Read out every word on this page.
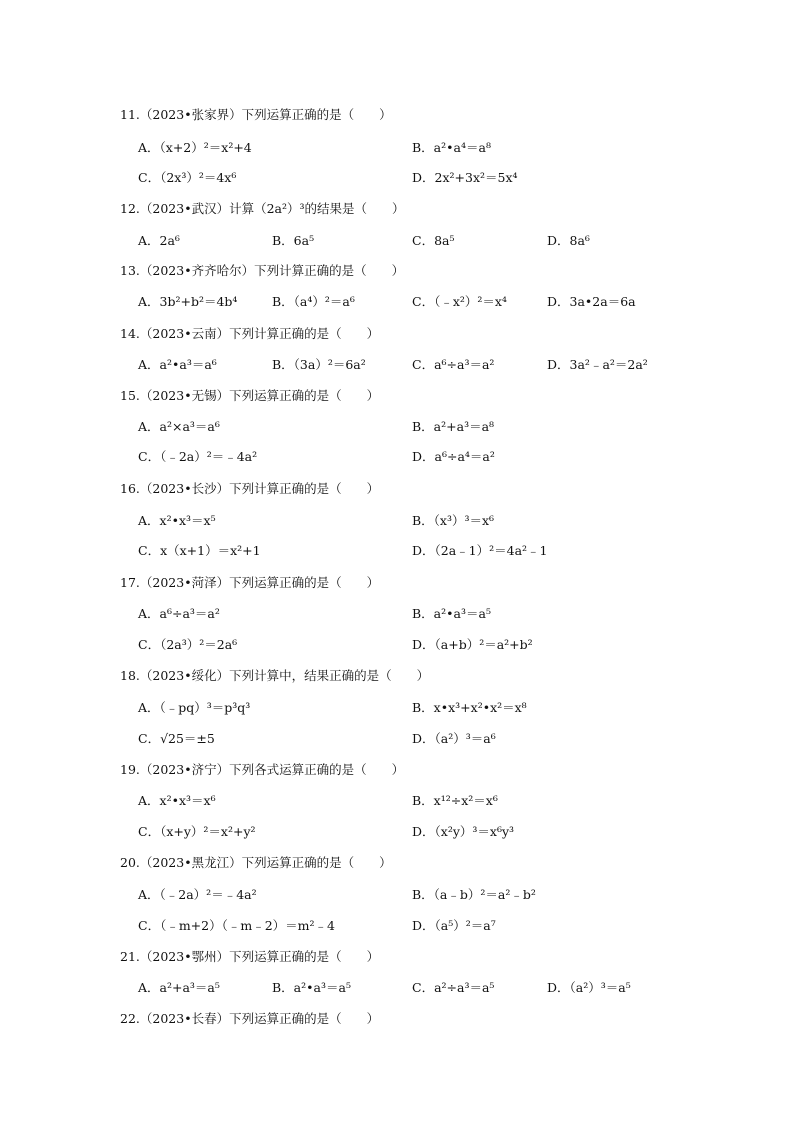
11.（2023•张家界）下列运算正确的是（　　）
A．（x+2）²＝x²+4	B．a²•a⁴＝a⁸
C．（2x³）²＝4x⁶	D．2x²+3x²＝5x⁴
12.（2023•武汉）计算（2a²）³的结果是（　　）
A．2a⁶	B．6a⁵	C．8a⁵	D．8a⁶
13.（2023•齐齐哈尔）下列计算正确的是（　　）
A．3b²+b²＝4b⁴	B．（a⁴）²＝a⁶	C．（﹣x²）²＝x⁴	D．3a•2a＝6a
14.（2023•云南）下列计算正确的是（　　）
A．a²•a³＝a⁶	B．（3a）²＝6a²	C．a⁶÷a³＝a²	D．3a²﹣a²＝2a²
15.（2023•无锡）下列运算正确的是（　　）
A．a²×a³＝a⁶	B．a²+a³＝a⁸
C．（﹣2a）²＝﹣4a²	D．a⁶÷a⁴＝a²
16.（2023•长沙）下列计算正确的是（　　）
A．x²•x³＝x⁵	B．（x³）³＝x⁶
C．x（x+1）＝x²+1	D．（2a﹣1）²＝4a²﹣1
17.（2023•菏泽）下列运算正确的是（　　）
A．a⁶÷a³＝a²	B．a²•a³＝a⁵
C．（2a³）²＝2a⁶	D．（a+b）²＝a²+b²
18.（2023•绥化）下列计算中，结果正确的是（　　）
A．（﹣pq）³＝p³q³	B．x•x³+x²•x²＝x⁸
C．√25＝±5	D．（a²）³＝a⁶
19.（2023•济宁）下列各式运算正确的是（　　）
A．x²•x³＝x⁶	B．x¹²÷x²＝x⁶
C．（x+y）²＝x²+y²	D．（x²y）³＝x⁶y³
20.（2023•黑龙江）下列运算正确的是（　　）
A．（﹣2a）²＝﹣4a²	B．（a﹣b）²＝a²﹣b²
C．（﹣m+2）（﹣m﹣2）＝m²﹣4	D．（a⁵）²＝a⁷
21.（2023•鄂州）下列运算正确的是（　　）
A．a²+a³＝a⁵	B．a²•a³＝a⁵	C．a²÷a³＝a⁵	D．（a²）³＝a⁵
22.（2023•长春）下列运算正确的是（　　）
